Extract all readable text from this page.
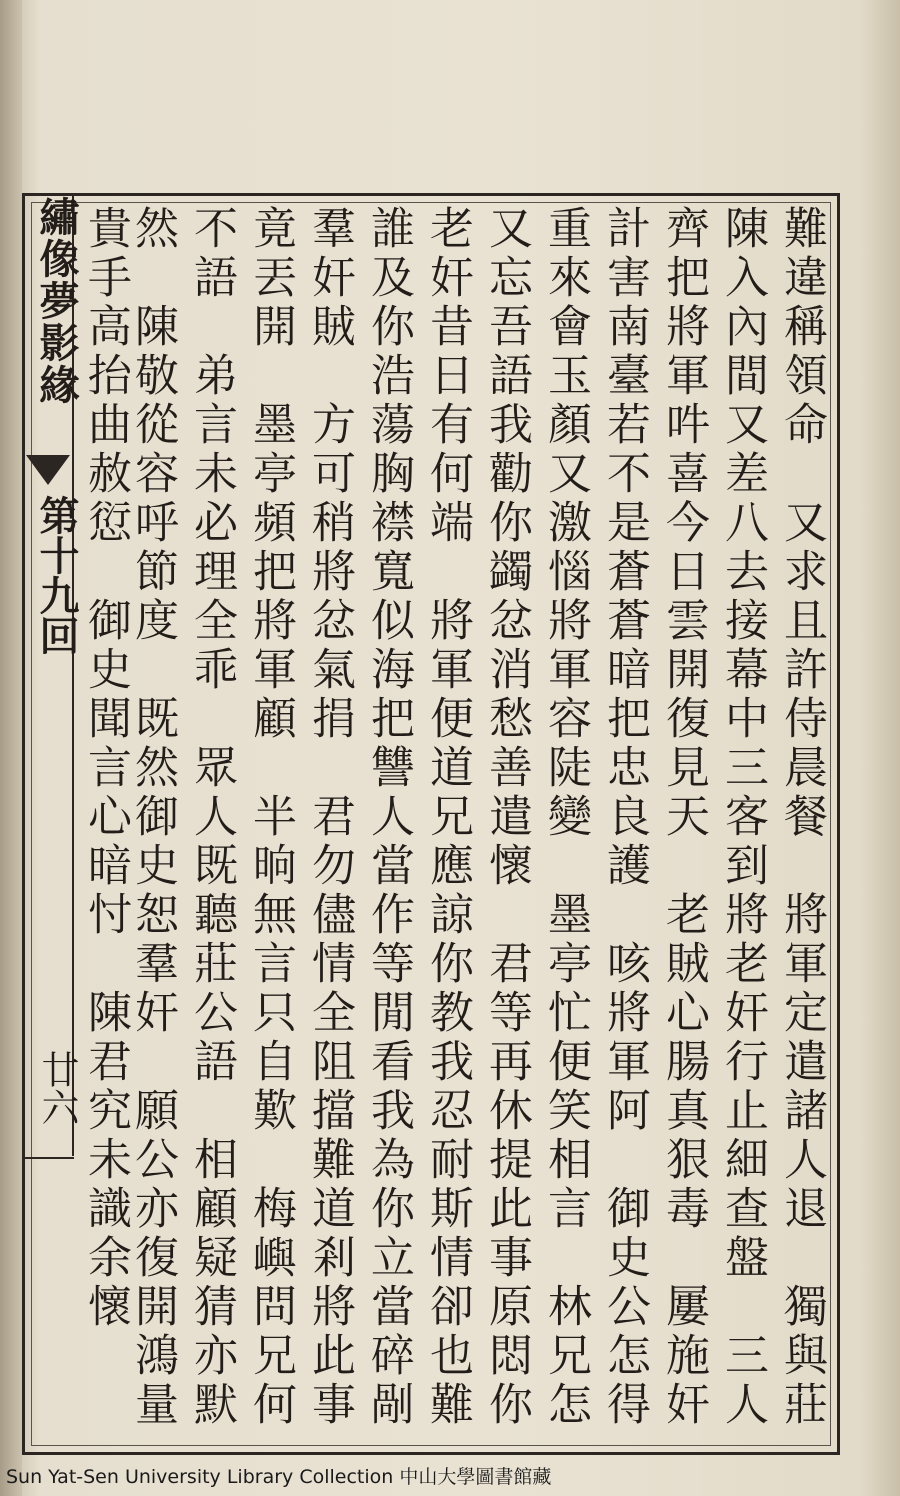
繡像夢影緣
第十九回
廿六	難違稱領命　又求且許侍晨餐　將軍定遣諸人退　獨與莊
陳入內間又差八去接幕中三客到將老奸行止細查盤　三人
齊把將軍吽喜今日雲開復見天　老賊心腸真狠毒　屢施奸
計害南臺若不是蒼蒼暗把忠良護　咳將軍阿　御史公怎得
重來會玉顏又激惱將軍容陡變　墨亭忙便笑相言　林兄怎
又忘吾語我勸你蠲忿消愁善遣懷　君等再休提此事原悶你
老奸昔日有何端　將軍便道兄應諒你教我忍耐斯情卻也難
誰及你浩蕩胸襟寬似海把讐人當作等閒看我為你立當碎剮
羣奸賊　方可稍將忿氣捐　君勿儘情全阻擋難道剎將此事
竟丟開　墨亭頻把將軍顧　半晌無言只自歎　梅嶼問兄何
不語　弟言未必理全乖　眾人既聽莊公語　相顧疑猜亦默
然　陳敬從容呼節度　既然御史恕羣奸　願公亦復開鴻量
貴手高抬曲赦愆　御史聞言心暗忖　陳君究未識余懷
Sun Yat-Sen University Library Collection 中山大學圖書館藏
